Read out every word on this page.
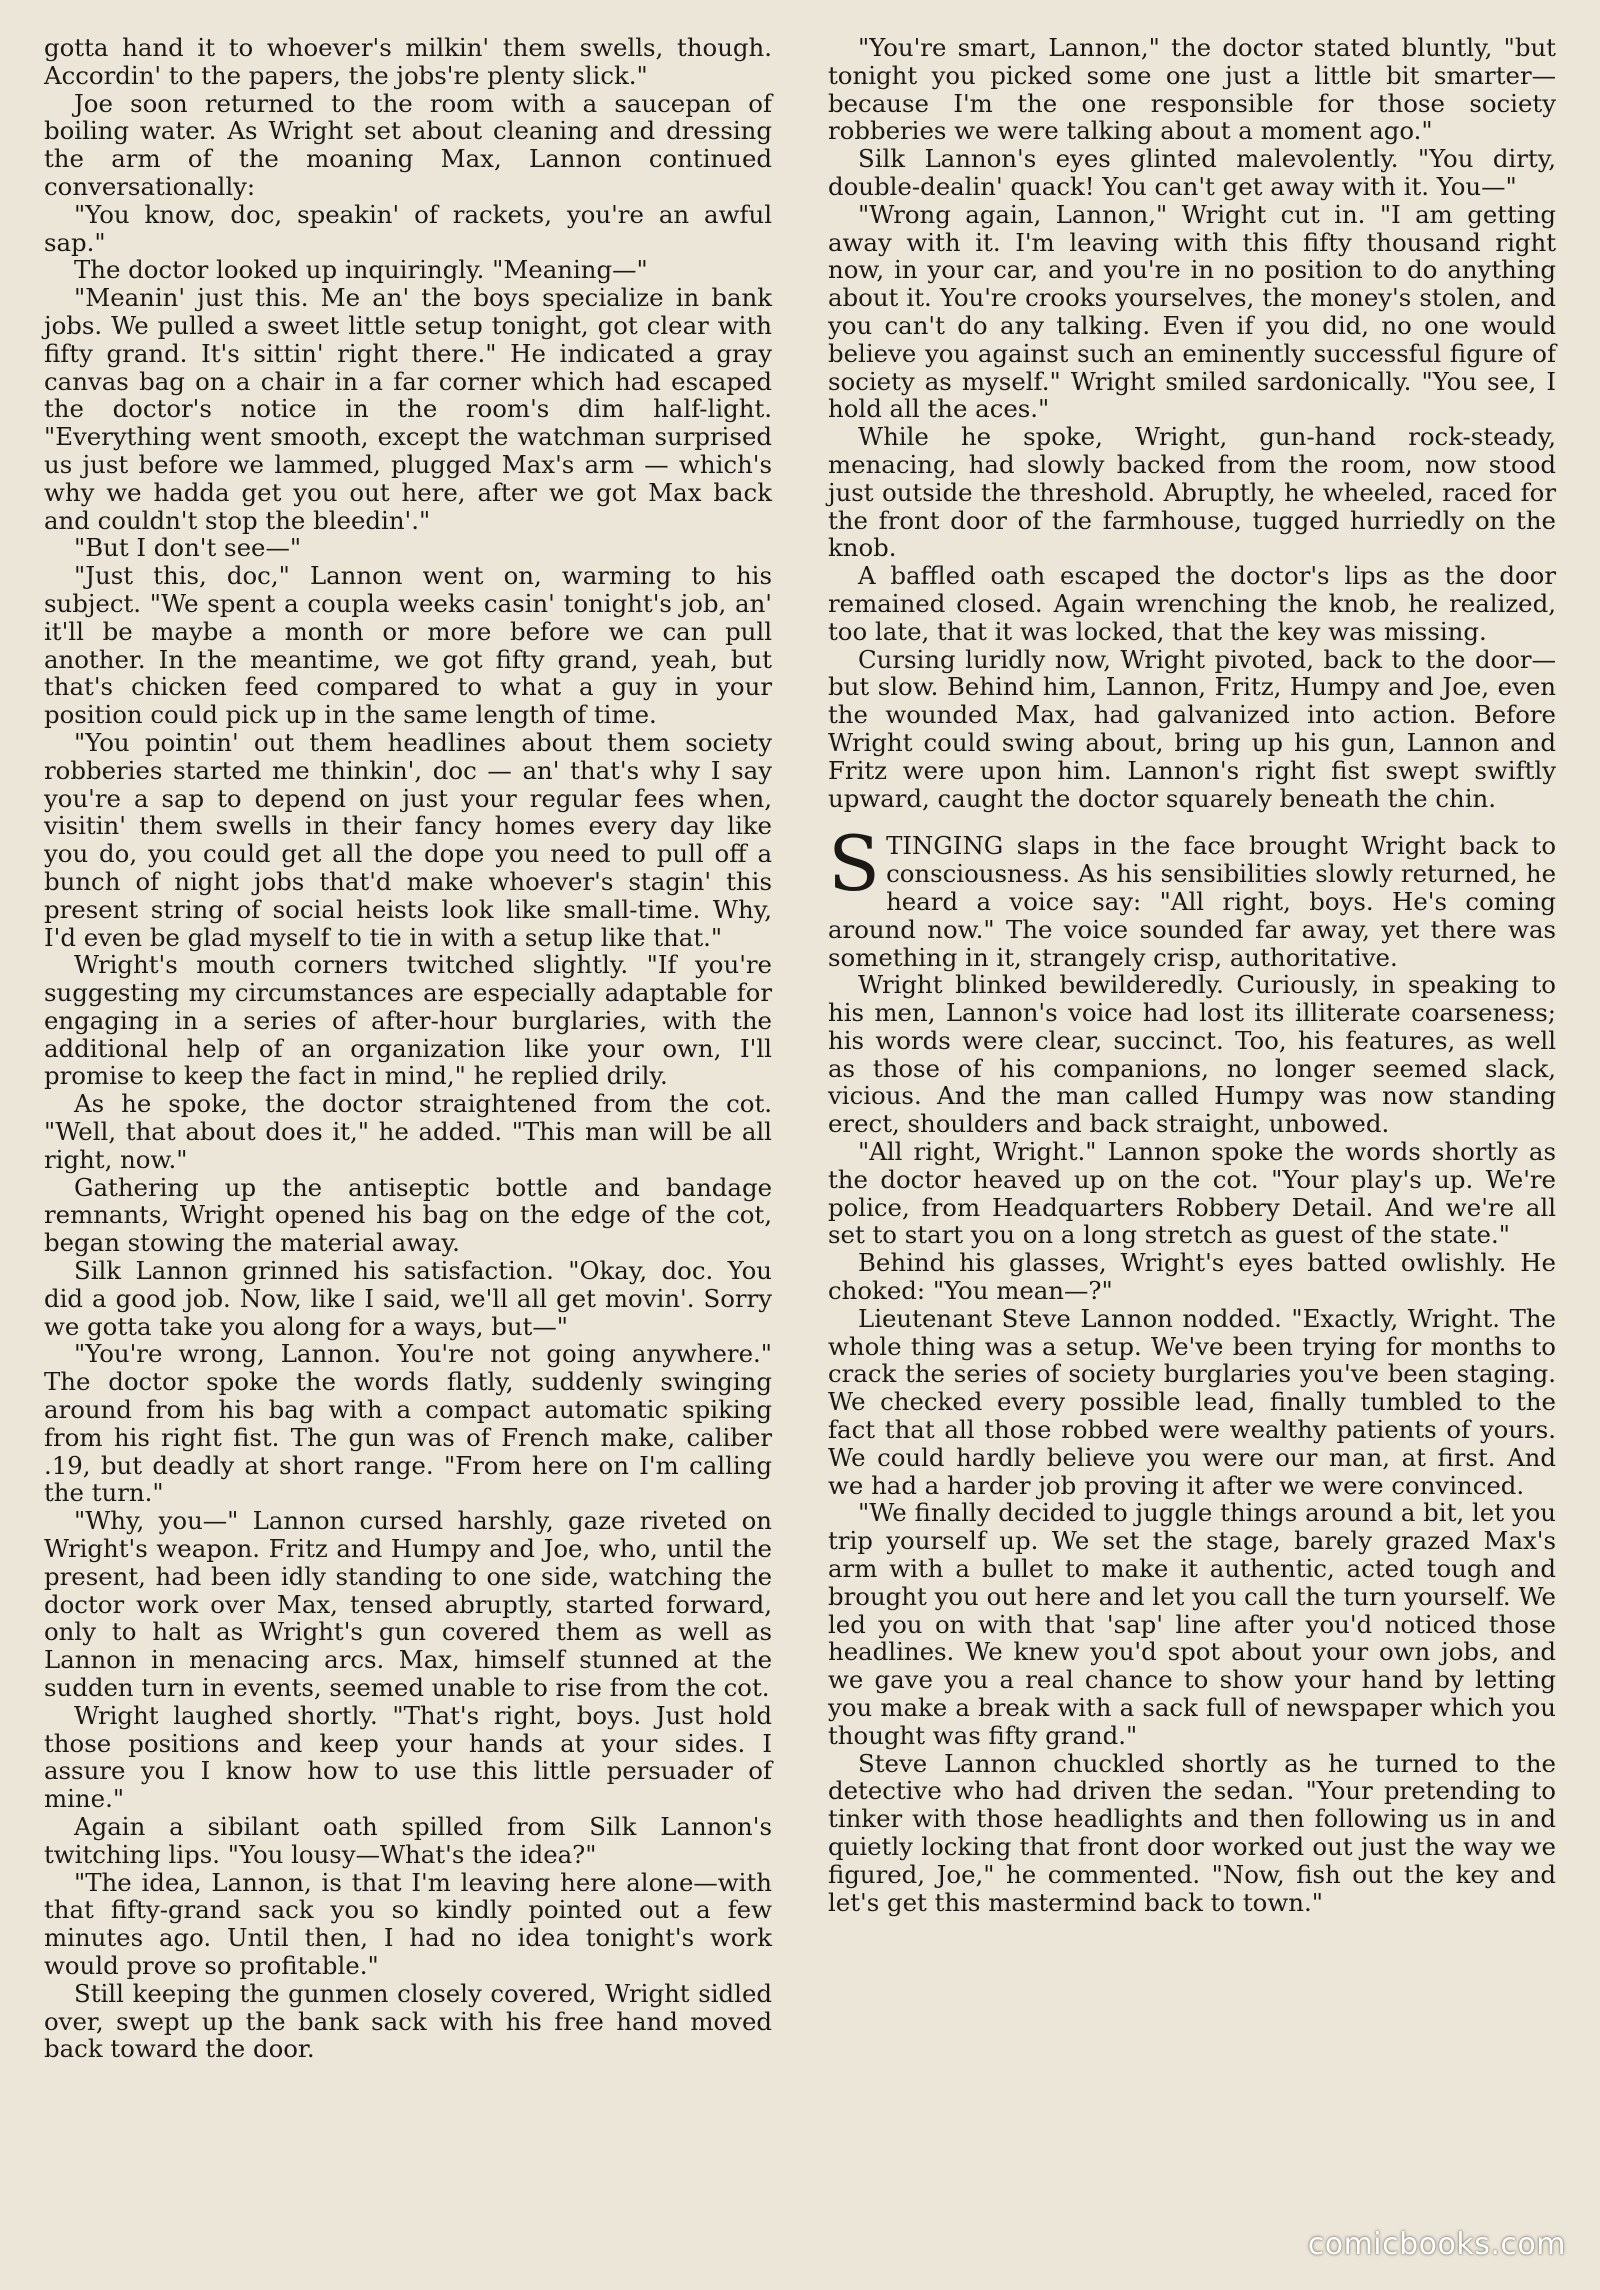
gotta hand it to whoever's milkin' them swells, though. Accordin' to the papers, the jobs're plenty slick."

Joe soon returned to the room with a saucepan of boiling water. As Wright set about cleaning and dressing the arm of the moaning Max, Lannon continued conversationally:

"You know, doc, speakin' of rackets, you're an awful sap."

The doctor looked up inquiringly. "Meaning—"

"Meanin' just this. Me an' the boys specialize in bank jobs. We pulled a sweet little setup tonight, got clear with fifty grand. It's sittin' right there." He indicated a gray canvas bag on a chair in a far corner which had escaped the doctor's notice in the room's dim half-light. "Everything went smooth, except the watchman surprised us just before we lammed, plugged Max's arm — which's why we hadda get you out here, after we got Max back and couldn't stop the bleedin'."

"But I don't see—"

"Just this, doc," Lannon went on, warming to his subject. "We spent a coupla weeks casin' tonight's job, an' it'll be maybe a month or more before we can pull another. In the meantime, we got fifty grand, yeah, but that's chicken feed compared to what a guy in your position could pick up in the same length of time.

"You pointin' out them headlines about them society robberies started me thinkin', doc — an' that's why I say you're a sap to depend on just your regular fees when, visitin' them swells in their fancy homes every day like you do, you could get all the dope you need to pull off a bunch of night jobs that'd make whoever's stagin' this present string of social heists look like small-time. Why, I'd even be glad myself to tie in with a setup like that."

Wright's mouth corners twitched slightly. "If you're suggesting my circumstances are especially adaptable for engaging in a series of after-hour burglaries, with the additional help of an organization like your own, I'll promise to keep the fact in mind," he replied drily.

As he spoke, the doctor straightened from the cot. "Well, that about does it," he added. "This man will be all right, now."

Gathering up the antiseptic bottle and bandage remnants, Wright opened his bag on the edge of the cot, began stowing the material away.

Silk Lannon grinned his satisfaction. "Okay, doc. You did a good job. Now, like I said, we'll all get movin'. Sorry we gotta take you along for a ways, but—"

"You're wrong, Lannon. You're not going anywhere." The doctor spoke the words flatly, suddenly swinging around from his bag with a compact automatic spiking from his right fist. The gun was of French make, caliber .19, but deadly at short range. "From here on I'm calling the turn."

"Why, you—" Lannon cursed harshly, gaze riveted on Wright's weapon. Fritz and Humpy and Joe, who, until the present, had been idly standing to one side, watching the doctor work over Max, tensed abruptly, started forward, only to halt as Wright's gun covered them as well as Lannon in menacing arcs. Max, himself stunned at the sudden turn in events, seemed unable to rise from the cot.

Wright laughed shortly. "That's right, boys. Just hold those positions and keep your hands at your sides. I assure you I know how to use this little persuader of mine."

Again a sibilant oath spilled from Silk Lannon's twitching lips. "You lousy—What's the idea?"

"The idea, Lannon, is that I'm leaving here alone—with that fifty-grand sack you so kindly pointed out a few minutes ago. Until then, I had no idea tonight's work would prove so profitable."

Still keeping the gunmen closely covered, Wright sidled over, swept up the bank sack with his free hand moved back toward the door.

"You're smart, Lannon," the doctor stated bluntly, "but tonight you picked some one just a little bit smarter—because I'm the one responsible for those society robberies we were talking about a moment ago."

Silk Lannon's eyes glinted malevolently. "You dirty, double-dealin' quack! You can't get away with it. You—"

"Wrong again, Lannon," Wright cut in. "I am getting away with it. I'm leaving with this fifty thousand right now, in your car, and you're in no position to do anything about it. You're crooks yourselves, the money's stolen, and you can't do any talking. Even if you did, no one would believe you against such an eminently successful figure of society as myself." Wright smiled sardonically. "You see, I hold all the aces."

While he spoke, Wright, gun-hand rock-steady, menacing, had slowly backed from the room, now stood just outside the threshold. Abruptly, he wheeled, raced for the front door of the farmhouse, tugged hurriedly on the knob.

A baffled oath escaped the doctor's lips as the door remained closed. Again wrenching the knob, he realized, too late, that it was locked, that the key was missing.

Cursing luridly now, Wright pivoted, back to the door—but slow. Behind him, Lannon, Fritz, Humpy and Joe, even the wounded Max, had galvanized into action. Before Wright could swing about, bring up his gun, Lannon and Fritz were upon him. Lannon's right fist swept swiftly upward, caught the doctor squarely beneath the chin.

STINGING slaps in the face brought Wright back to consciousness. As his sensibilities slowly returned, he heard a voice say: "All right, boys. He's coming around now." The voice sounded far away, yet there was something in it, strangely crisp, authoritative.

Wright blinked bewilderedly. Curiously, in speaking to his men, Lannon's voice had lost its illiterate coarseness; his words were clear, succinct. Too, his features, as well as those of his companions, no longer seemed slack, vicious. And the man called Humpy was now standing erect, shoulders and back straight, unbowed.

"All right, Wright." Lannon spoke the words shortly as the doctor heaved up on the cot. "Your play's up. We're police, from Headquarters Robbery Detail. And we're all set to start you on a long stretch as guest of the state."

Behind his glasses, Wright's eyes batted owlishly. He choked: "You mean—?"

Lieutenant Steve Lannon nodded. "Exactly, Wright. The whole thing was a setup. We've been trying for months to crack the series of society burglaries you've been staging. We checked every possible lead, finally tumbled to the fact that all those robbed were wealthy patients of yours. We could hardly believe you were our man, at first. And we had a harder job proving it after we were convinced.

"We finally decided to juggle things around a bit, let you trip yourself up. We set the stage, barely grazed Max's arm with a bullet to make it authentic, acted tough and brought you out here and let you call the turn yourself. We led you on with that 'sap' line after you'd noticed those headlines. We knew you'd spot about your own jobs, and we gave you a real chance to show your hand by letting you make a break with a sack full of newspaper which you thought was fifty grand."

Steve Lannon chuckled shortly as he turned to the detective who had driven the sedan. "Your pretending to tinker with those headlights and then following us in and quietly locking that front door worked out just the way we figured, Joe," he commented. "Now, fish out the key and let's get this mastermind back to town."

comicbooks.com
